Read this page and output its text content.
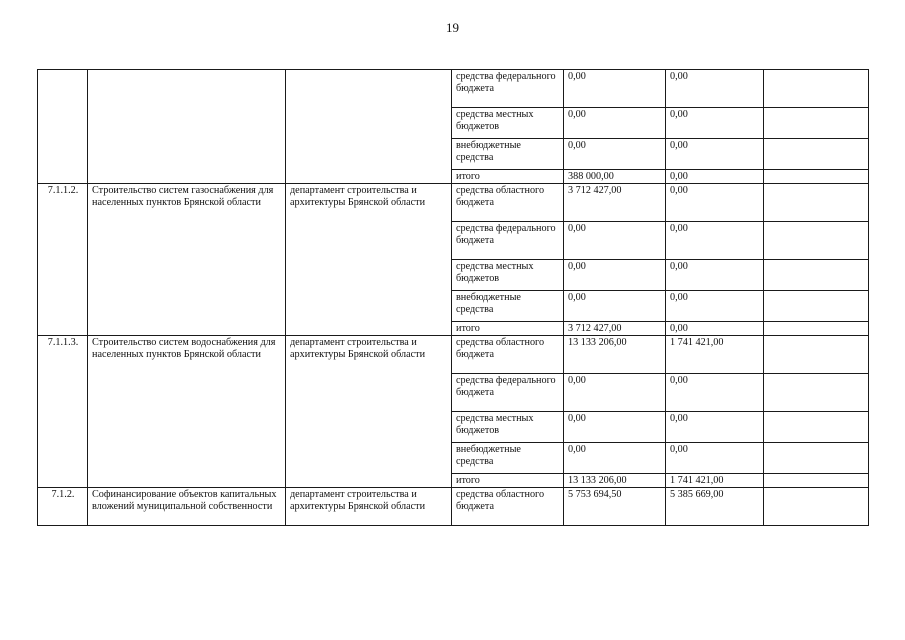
19
			средства федерального бюджета	0,00	0,00	
			средства местных бюджетов	0,00	0,00	
			внебюджетные средства	0,00	0,00	
			итого	388 000,00	0,00	
7.1.1.2.	Строительство систем газоснабжения для населенных пунктов Брянской области	департамент строительства и архитектуры Брянской области	средства областного бюджета	3 712 427,00	0,00	
			средства федерального бюджета	0,00	0,00	
			средства местных бюджетов	0,00	0,00	
			внебюджетные средства	0,00	0,00	
			итого	3 712 427,00	0,00	
7.1.1.3.	Строительство систем водоснабжения для населенных пунктов Брянской области	департамент строительства и архитектуры Брянской области	средства областного бюджета	13 133 206,00	1 741 421,00	
			средства федерального бюджета	0,00	0,00	
			средства местных бюджетов	0,00	0,00	
			внебюджетные средства	0,00	0,00	
			итого	13 133 206,00	1 741 421,00	
7.1.2.	Софинансирование объектов капитальных вложений муниципальной собственности	департамент строительства и архитектуры Брянской области	средства областного бюджета	5 753 694,50	5 385 669,00	
